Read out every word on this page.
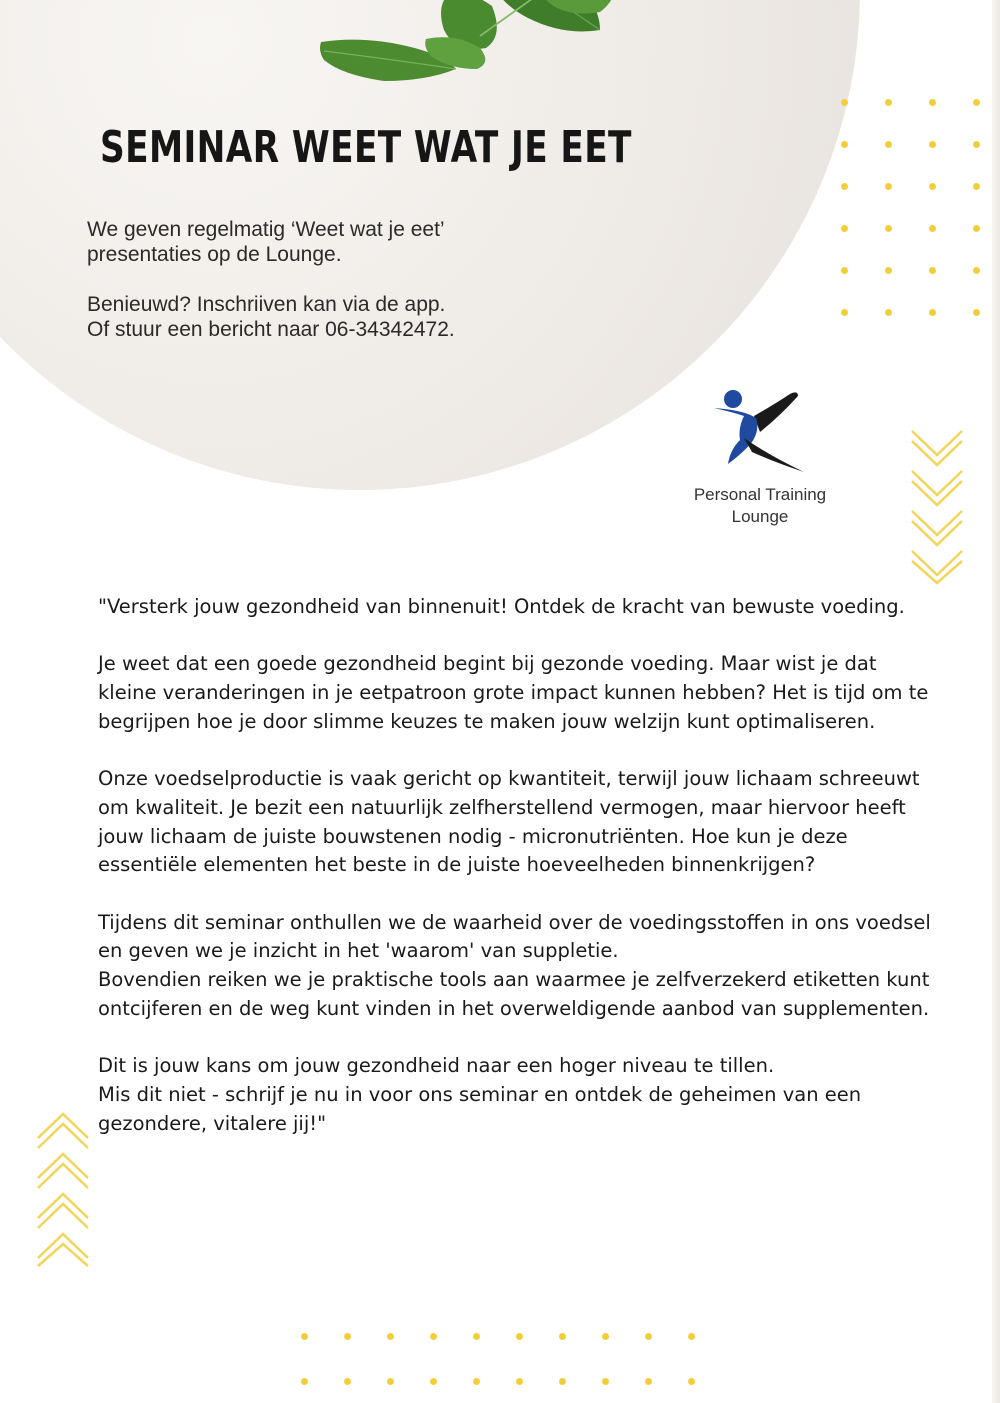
SEMINAR WEET WAT JE EET

We geven regelmatig ‘Weet wat je eet’
presentaties op de Lounge.

Benieuwd? Inschriiven kan via de app.
Of stuur een bericht naar 06-34342472.

Personal Training
Lounge

"Versterk jouw gezondheid van binnenuit! Ontdek de kracht van bewuste voeding.

Je weet dat een goede gezondheid begint bij gezonde voeding. Maar wist je dat kleine veranderingen in je eetpatroon grote impact kunnen hebben? Het is tijd om te begrijpen hoe je door slimme keuzes te maken jouw welzijn kunt optimaliseren.

Onze voedselproductie is vaak gericht op kwantiteit, terwijl jouw lichaam schreeuwt om kwaliteit. Je bezit een natuurlijk zelfherstellend vermogen, maar hiervoor heeft jouw lichaam de juiste bouwstenen nodig - micronutriënten. Hoe kun je deze essentiële elementen het beste in de juiste hoeveelheden binnenkrijgen?

Tijdens dit seminar onthullen we de waarheid over de voedingsstoffen in ons voedsel en geven we je inzicht in het 'waarom' van suppletie.

Bovendien reiken we je praktische tools aan waarmee je zelfverzekerd etiketten kunt ontcijferen en de weg kunt vinden in het overweldigende aanbod van supplementen.

Dit is jouw kans om jouw gezondheid naar een hoger niveau te tillen.

Mis dit niet - schrijf je nu in voor ons seminar en ontdek de geheimen van een gezondere, vitalere jij!"
